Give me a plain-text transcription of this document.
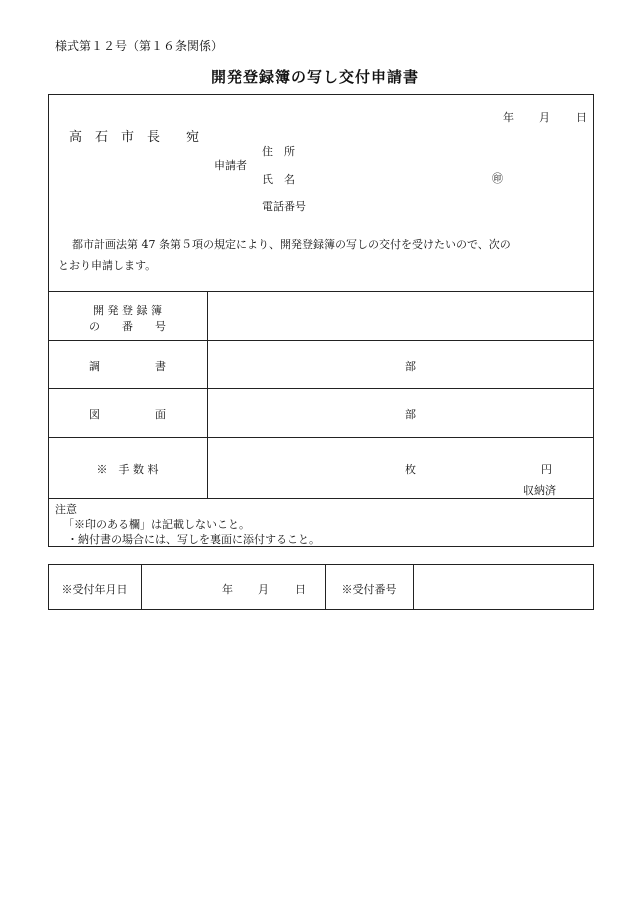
様式第１２号（第１６条関係）
開発登録簿の写し交付申請書
年 月 日
高　石　市　長　　宛
申請者
住　所
氏　名	㊞
電話番号
都市計画法第 47 条第５項の規定により、開発登録簿の写しの交付を受けたいので、次の
とおり申請します。
開 発 登 録 簿
の　　番　　号
調　　　　　書	部
図　　　　　面	部
※　手 数 料	枚	円
収納済
注意
「※印のある欄」は記載しないこと。
・納付書の場合には、写しを裏面に添付すること。
※受付年月日	年 月 日	※受付番号
